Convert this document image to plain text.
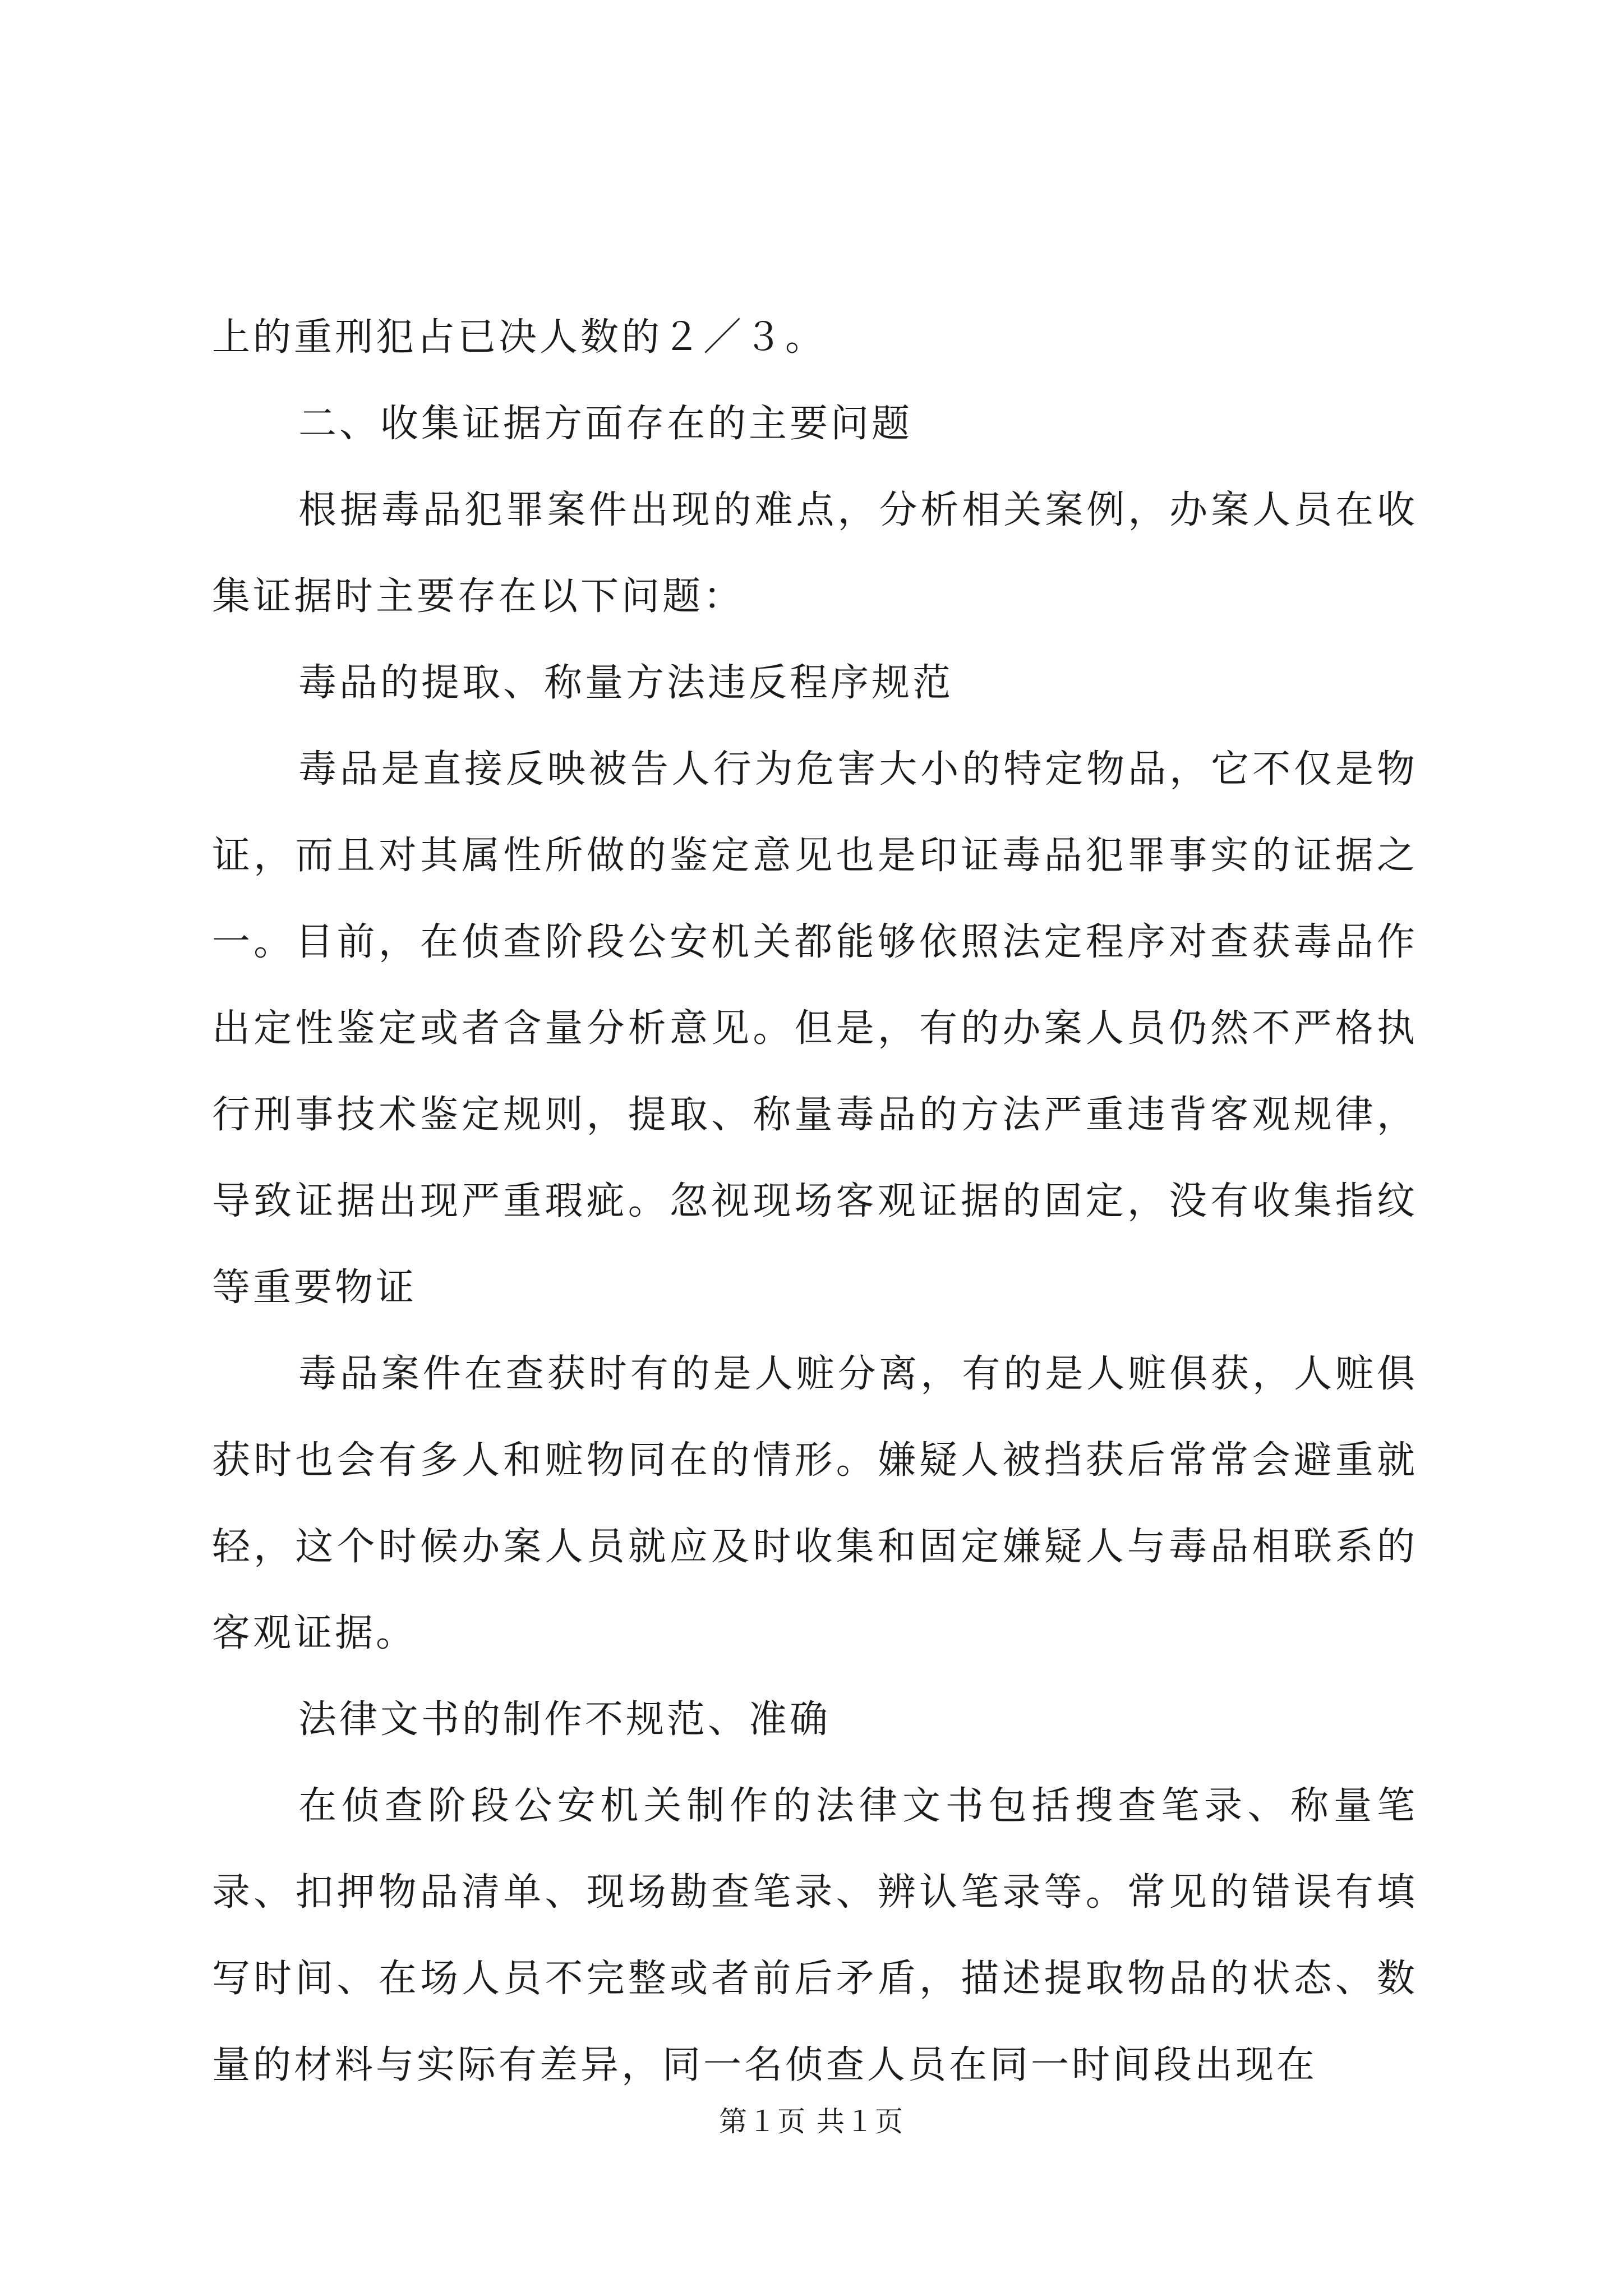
上的重刑犯占已决人数的２／３。

二、收集证据方面存在的主要问题

根据毒品犯罪案件出现的难点，分析相关案例，办案人员在收集证据时主要存在以下问题：

毒品的提取、称量方法违反程序规范

毒品是直接反映被告人行为危害大小的特定物品，它不仅是物证，而且对其属性所做的鉴定意见也是印证毒品犯罪事实的证据之一。目前，在侦查阶段公安机关都能够依照法定程序对查获毒品作出定性鉴定或者含量分析意见。但是，有的办案人员仍然不严格执行刑事技术鉴定规则，提取、称量毒品的方法严重违背客观规律，导致证据出现严重瑕疵。忽视现场客观证据的固定，没有收集指纹等重要物证

毒品案件在查获时有的是人赃分离，有的是人赃俱获，人赃俱获时也会有多人和赃物同在的情形。嫌疑人被挡获后常常会避重就轻，这个时候办案人员就应及时收集和固定嫌疑人与毒品相联系的客观证据。

法律文书的制作不规范、准确

在侦查阶段公安机关制作的法律文书包括搜查笔录、称量笔录、扣押物品清单、现场勘查笔录、辨认笔录等。常见的错误有填写时间、在场人员不完整或者前后矛盾，描述提取物品的状态、数量的材料与实际有差异，同一名侦查人员在同一时间段出现在

第１页 共１页
